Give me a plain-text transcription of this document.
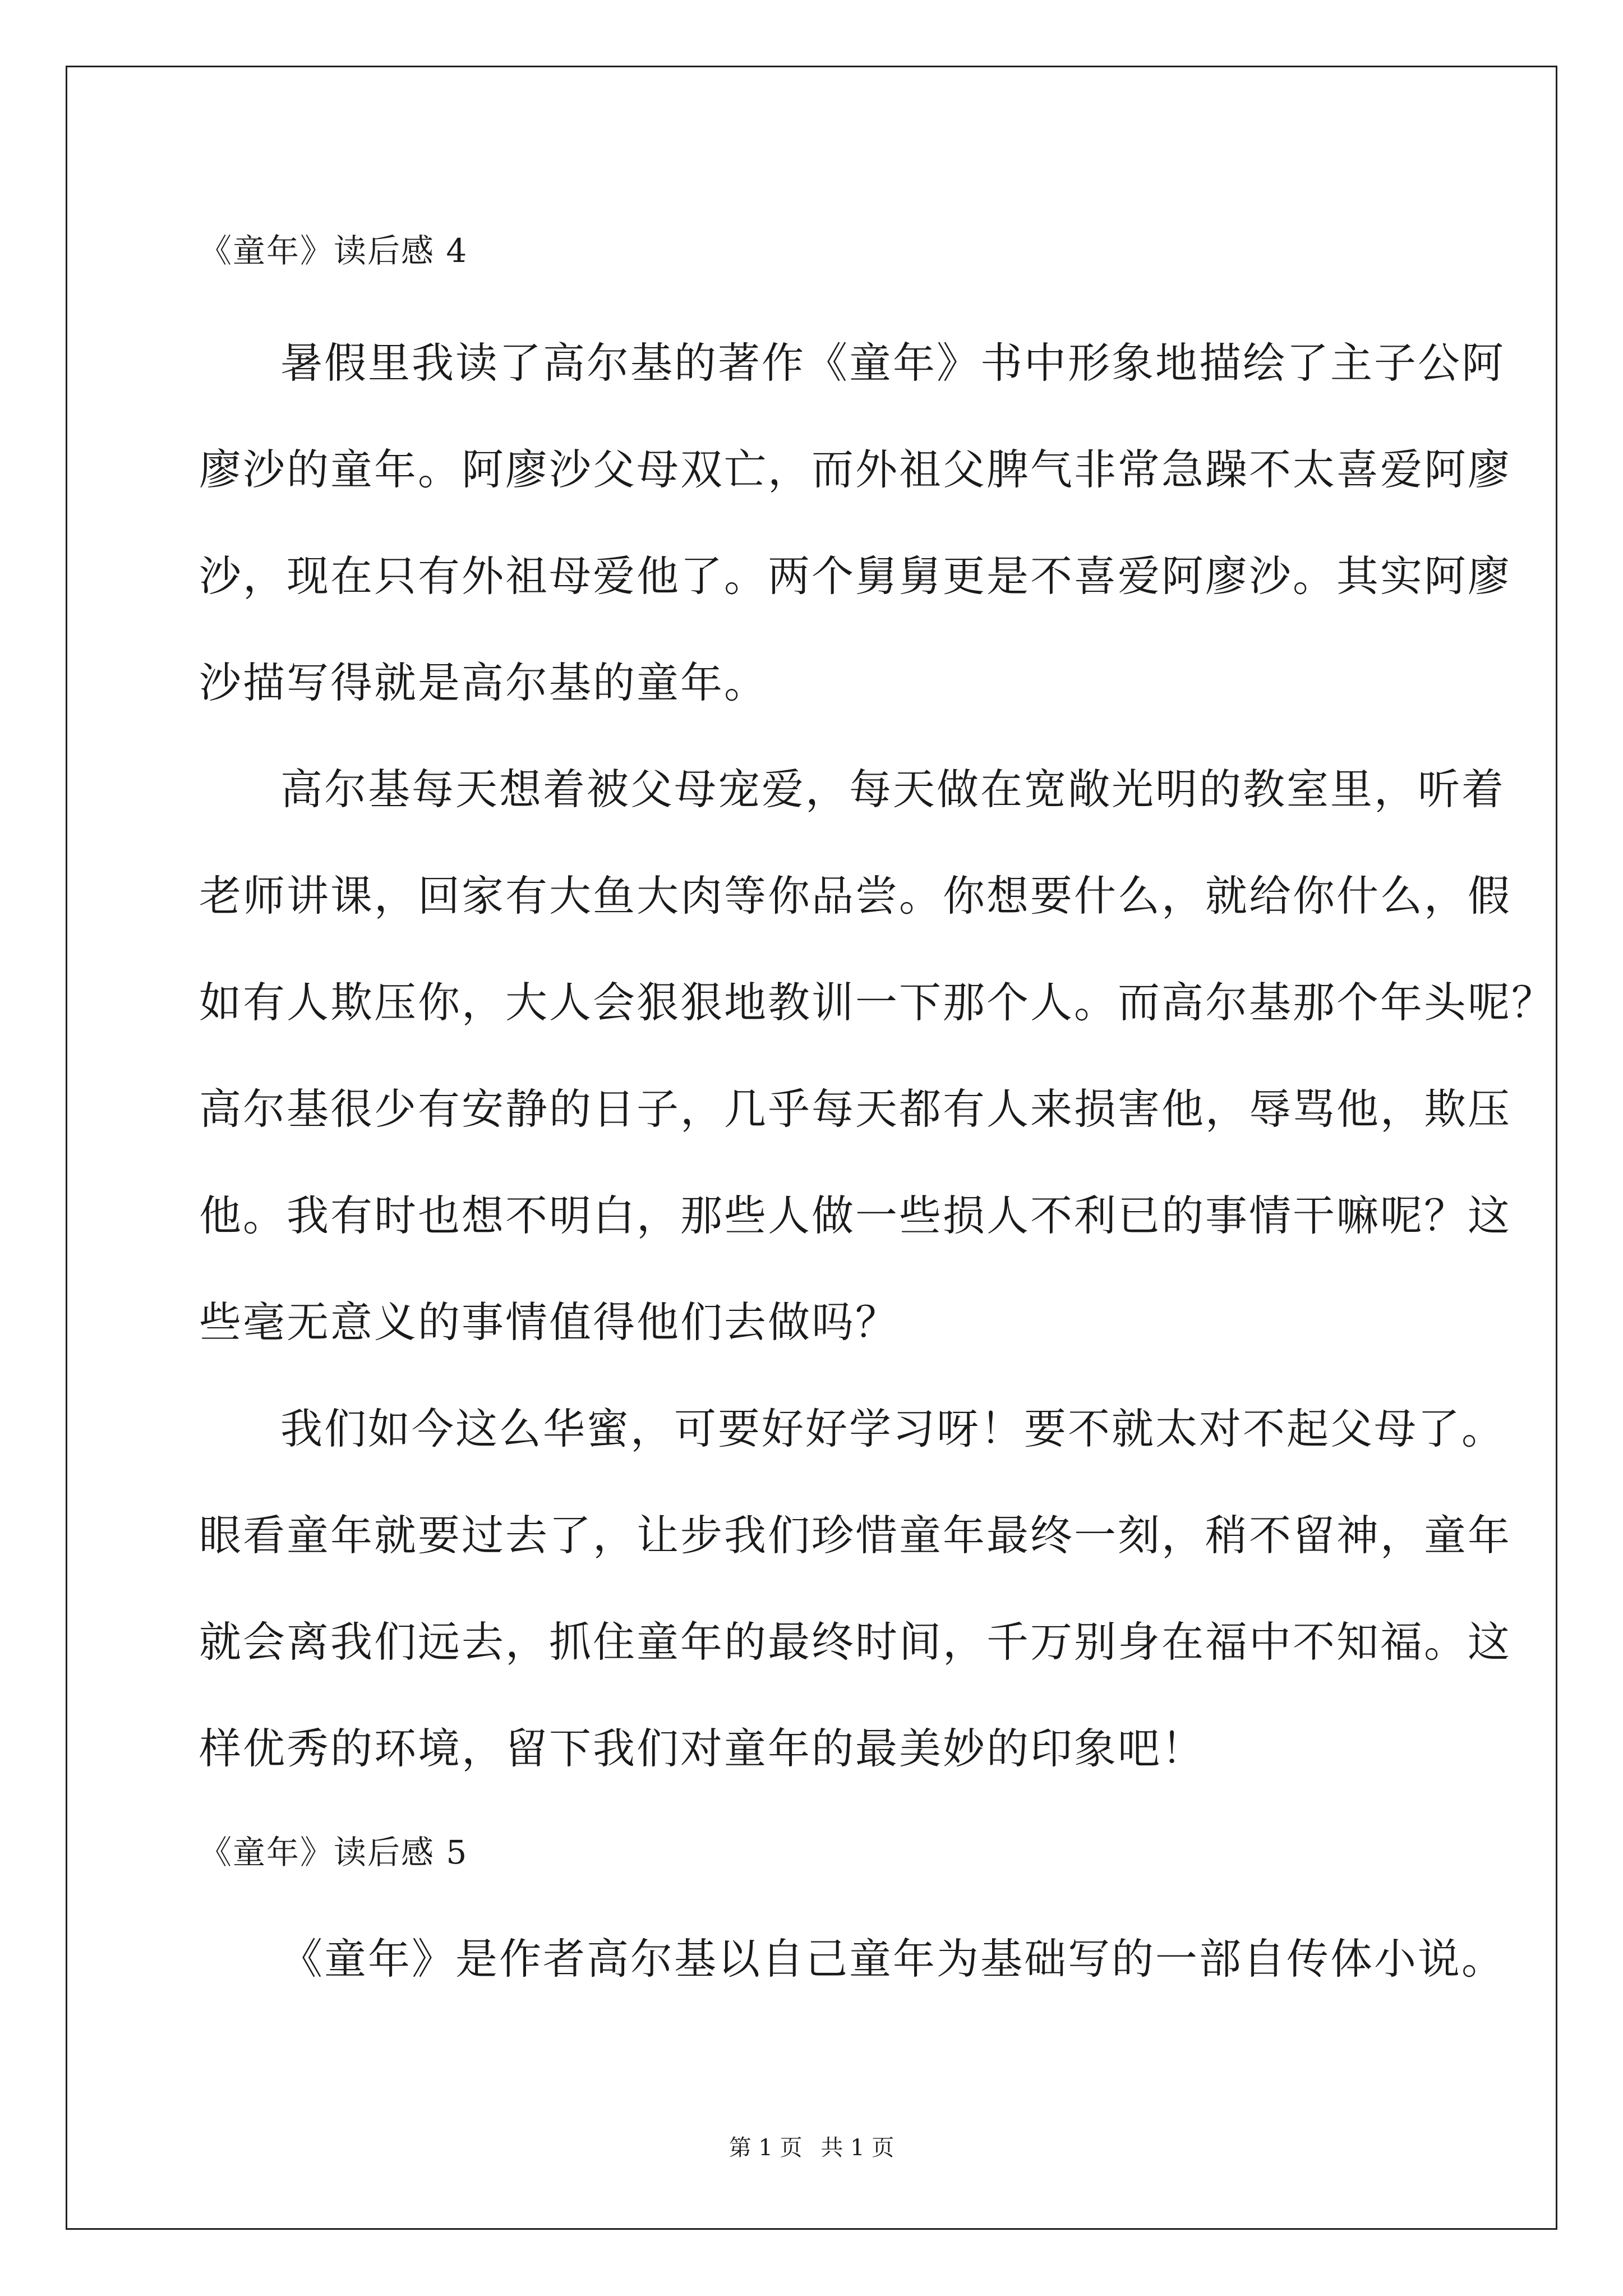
《童年》读后感 4
暑假里我读了高尔基的著作《童年》书中形象地描绘了主子公阿
廖沙的童年。阿廖沙父母双亡，而外祖父脾气非常急躁不太喜爱阿廖
沙，现在只有外祖母爱他了。两个舅舅更是不喜爱阿廖沙。其实阿廖
沙描写得就是高尔基的童年。
高尔基每天想着被父母宠爱，每天做在宽敞光明的教室里，听着
老师讲课，回家有大鱼大肉等你品尝。你想要什么，就给你什么，假
如有人欺压你，大人会狠狠地教训一下那个人。而高尔基那个年头呢？
高尔基很少有安静的日子，几乎每天都有人来损害他，辱骂他，欺压
他。我有时也想不明白，那些人做一些损人不利已的事情干嘛呢？这
些毫无意义的事情值得他们去做吗？
我们如今这么华蜜，可要好好学习呀！要不就太对不起父母了。
眼看童年就要过去了，让步我们珍惜童年最终一刻，稍不留神，童年
就会离我们远去，抓住童年的最终时间，千万别身在福中不知福。这
样优秀的环境，留下我们对童年的最美妙的印象吧！
《童年》读后感 5
《童年》是作者高尔基以自己童年为基础写的一部自传体小说。
第 1 页 共 1 页
